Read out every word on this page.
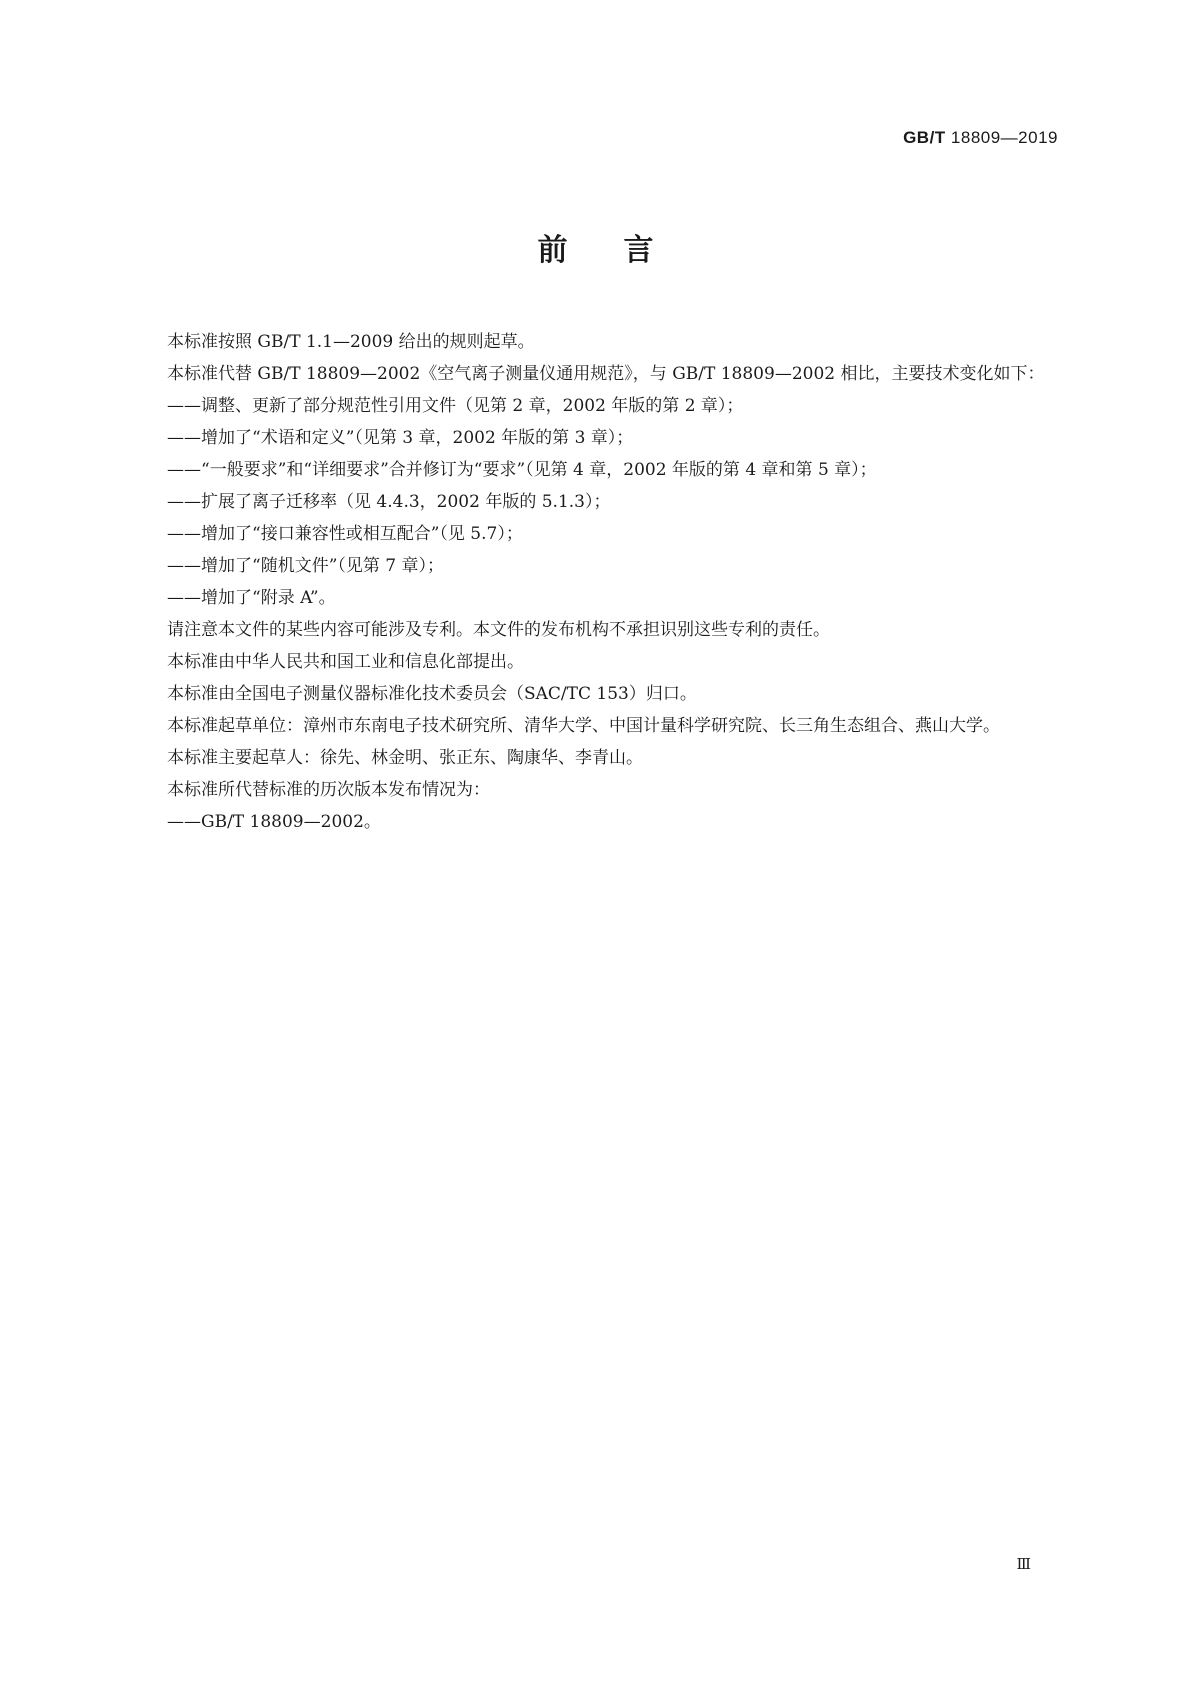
GB/T 18809—2019
前言

本标准按照 GB/T 1.1—2009 给出的规则起草。

本标准代替 GB/T 18809—2002《空气离子测量仪通用规范》，与 GB/T 18809—2002 相比，主要技术变化如下：

——调整、更新了部分规范性引用文件（见第 2 章，2002 年版的第 2 章）；

——增加了“术语和定义”（见第 3 章，2002 年版的第 3 章）；

——“一般要求”和“详细要求”合并修订为“要求”（见第 4 章，2002 年版的第 4 章和第 5 章）；

——扩展了离子迁移率（见 4.4.3，2002 年版的 5.1.3）；

——增加了“接口兼容性或相互配合”（见 5.7）；

——增加了“随机文件”（见第 7 章）；

——增加了“附录 A”。

请注意本文件的某些内容可能涉及专利。本文件的发布机构不承担识别这些专利的责任。

本标准由中华人民共和国工业和信息化部提出。

本标准由全国电子测量仪器标准化技术委员会（SAC/TC 153）归口。

本标准起草单位：漳州市东南电子技术研究所、清华大学、中国计量科学研究院、长三角生态组合、燕山大学。

本标准主要起草人：徐先、林金明、张正东、陶康华、李青山。

本标准所代替标准的历次版本发布情况为：

——GB/T 18809—2002。

Ⅲ
